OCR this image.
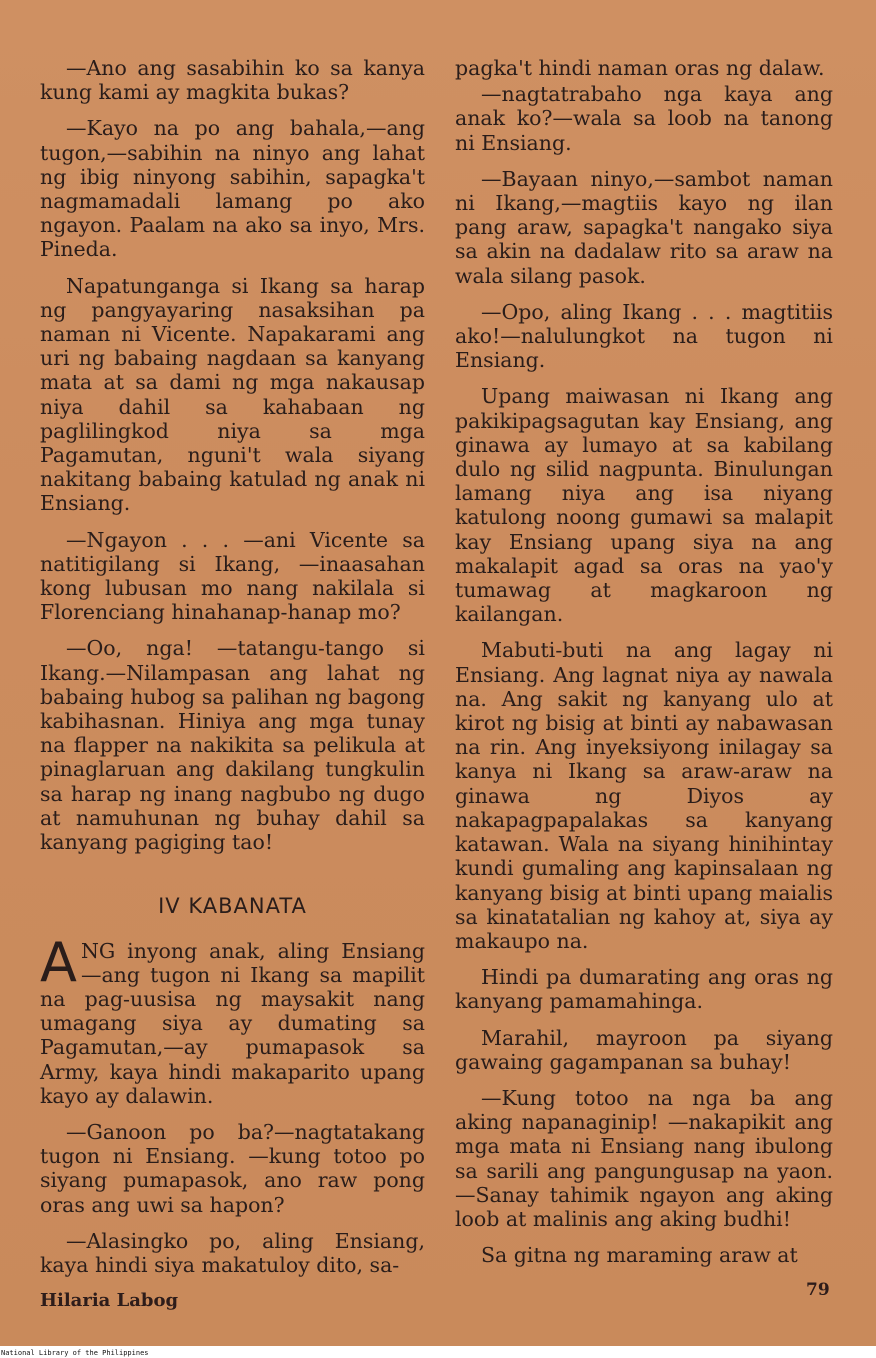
—Ano ang sasabihin ko sa kanya kung kami ay magkita bukas?

—Kayo na po ang bahala,—ang tugon,—sabihin na ninyo ang lahat ng ibig ninyong sabihin, sapagka't nagmamadali lamang po ako ngayon. Paalam na ako sa inyo, Mrs. Pineda.

Napatunganga si Ikang sa harap ng pangyayaring nasaksihan pa naman ni Vicente. Napakarami ang uri ng babaing nagdaan sa kanyang mata at sa dami ng mga nakausap niya dahil sa kahabaan ng paglilingkod niya sa mga Pagamutan, nguni't wala siyang nakitang babaing katulad ng anak ni Ensiang.

—Ngayon . . . —ani Vicente sa natitigilang si Ikang, —inaasahan kong lubusan mo nang nakilala si Florenciang hinahanap-hanap mo?

—Oo, nga! —tatangu-tango si Ikang.—Nilampasan ang lahat ng babaing hubog sa palihan ng bagong kabihasnan. Hiniya ang mga tunay na flapper na nakikita sa pelikula at pinaglaruan ang dakilang tungkulin sa harap ng inang nagbubo ng dugo at namuhunan ng buhay dahil sa kanyang pagiging tao!

IV KABANATA

ANG inyong anak, aling Ensiang —ang tugon ni Ikang sa mapilit na pag-uusisa ng maysakit nang umagang siya ay dumating sa Pagamutan,—ay pumapasok sa Army, kaya hindi makaparito upang kayo ay dalawin.

—Ganoon po ba?—nagtatakang tugon ni Ensiang. —kung totoo po siyang pumapasok, ano raw pong oras ang uwi sa hapon?

—Alasingko po, aling Ensiang, kaya hindi siya makatuloy dito, sa-

pagka't hindi naman oras ng dalaw.

—nagtatrabaho nga kaya ang anak ko?—wala sa loob na tanong ni Ensiang.

—Bayaan ninyo,—sambot naman ni Ikang,—magtiis kayo ng ilan pang araw, sapagka't nangako siya sa akin na dadalaw rito sa araw na wala silang pasok.

—Opo, aling Ikang . . . magtitiis ako!—nalulungkot na tugon ni Ensiang.

Upang maiwasan ni Ikang ang pakikipagsagutan kay Ensiang, ang ginawa ay lumayo at sa kabilang dulo ng silid nagpunta. Binulungan lamang niya ang isa niyang katulong noong gumawi sa malapit kay Ensiang upang siya na ang makalapit agad sa oras na yao'y tumawag at magkaroon ng kailangan.

Mabuti-buti na ang lagay ni Ensiang. Ang lagnat niya ay nawala na. Ang sakit ng kanyang ulo at kirot ng bisig at binti ay nabawasan na rin. Ang inyeksiyong inilagay sa kanya ni Ikang sa araw-araw na ginawa ng Diyos ay nakapagpapalakas sa kanyang katawan. Wala na siyang hinihintay kundi gumaling ang kapinsalaan ng kanyang bisig at binti upang maialis sa kinatatalian ng kahoy at, siya ay makaupo na.

Hindi pa dumarating ang oras ng kanyang pamamahinga.

Marahil, mayroon pa siyang gawaing gagampanan sa buhay!

—Kung totoo na nga ba ang aking napanaginip! —nakapikit ang mga mata ni Ensiang nang ibulong sa sarili ang pangungusap na yaon. —Sanay tahimik ngayon ang aking loob at malinis ang aking budhi!

Sa gitna ng maraming araw at

Hilaria Labog	79
National Library of the Philippines
